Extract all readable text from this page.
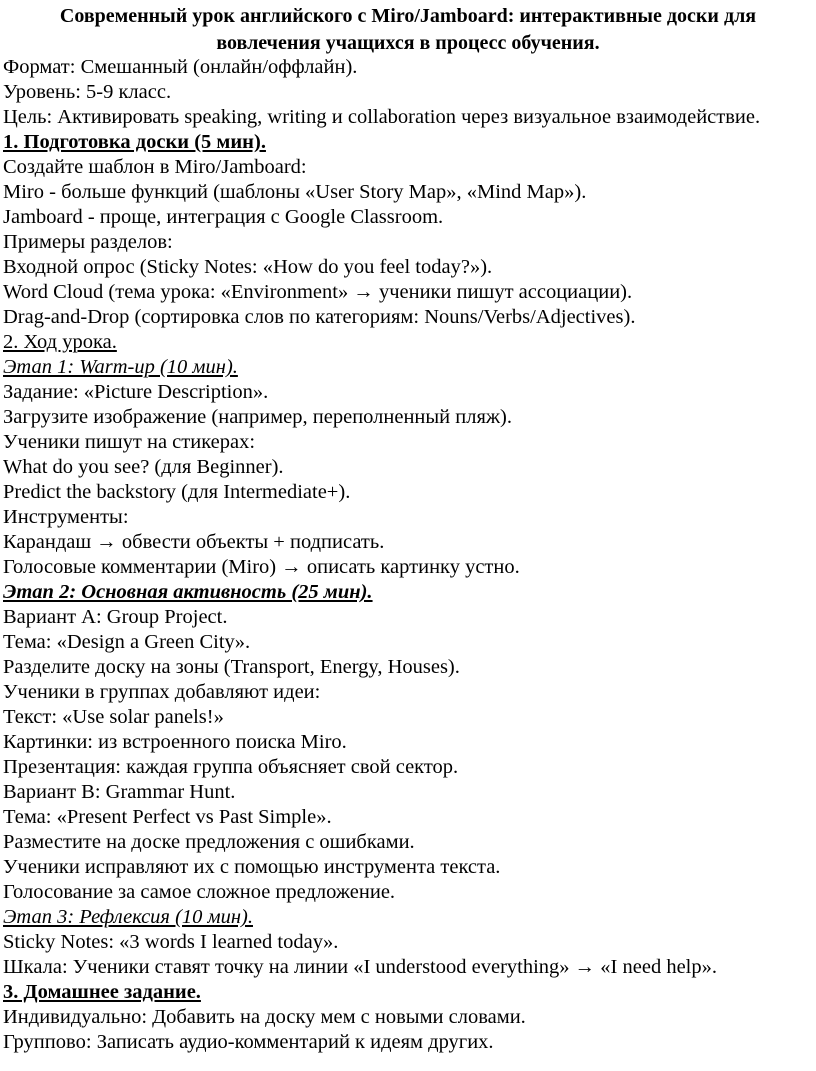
Современный урок английского с Miro/Jamboard: интерактивные доски для
вовлечения учащихся в процесс обучения.
Формат: Смешанный (онлайн/оффлайн).
Уровень: 5-9 класс.
Цель: Активировать speaking, writing и collaboration через визуальное взаимодействие.
1. Подготовка доски (5 мин).
Создайте шаблон в Miro/Jamboard:
Miro - больше функций (шаблоны «User Story Map», «Mind Map»).
Jamboard - проще, интеграция с Google Classroom.
Примеры разделов:
Входной опрос (Sticky Notes: «How do you feel today?»).
Word Cloud (тема урока: «Environment» → ученики пишут ассоциации).
Drag-and-Drop (сортировка слов по категориям: Nouns/Verbs/Adjectives).
2. Ход урока.
Этап 1: Warm-up (10 мин).
Задание: «Picture Description».
Загрузите изображение (например, переполненный пляж).
Ученики пишут на стикерах:
What do you see? (для Beginner).
Predict the backstory (для Intermediate+).
Инструменты:
Карандаш → обвести объекты + подписать.
Голосовые комментарии (Miro) → описать картинку устно.
Этап 2: Основная активность (25 мин).
Вариант A: Group Project.
Тема: «Design a Green City».
Разделите доску на зоны (Transport, Energy, Houses).
Ученики в группах добавляют идеи:
Текст: «Use solar panels!»
Картинки: из встроенного поиска Miro.
Презентация: каждая группа объясняет свой сектор.
Вариант B: Grammar Hunt.
Тема: «Present Perfect vs Past Simple».
Разместите на доске предложения с ошибками.
Ученики исправляют их с помощью инструмента текста.
Голосование за самое сложное предложение.
Этап 3: Рефлексия (10 мин).
Sticky Notes: «3 words I learned today».
Шкала: Ученики ставят точку на линии «I understood everything» → «I need help».
3. Домашнее задание.
Индивидуально: Добавить на доску мем с новыми словами.
Групповo: Записать аудио-комментарий к идеям других.
